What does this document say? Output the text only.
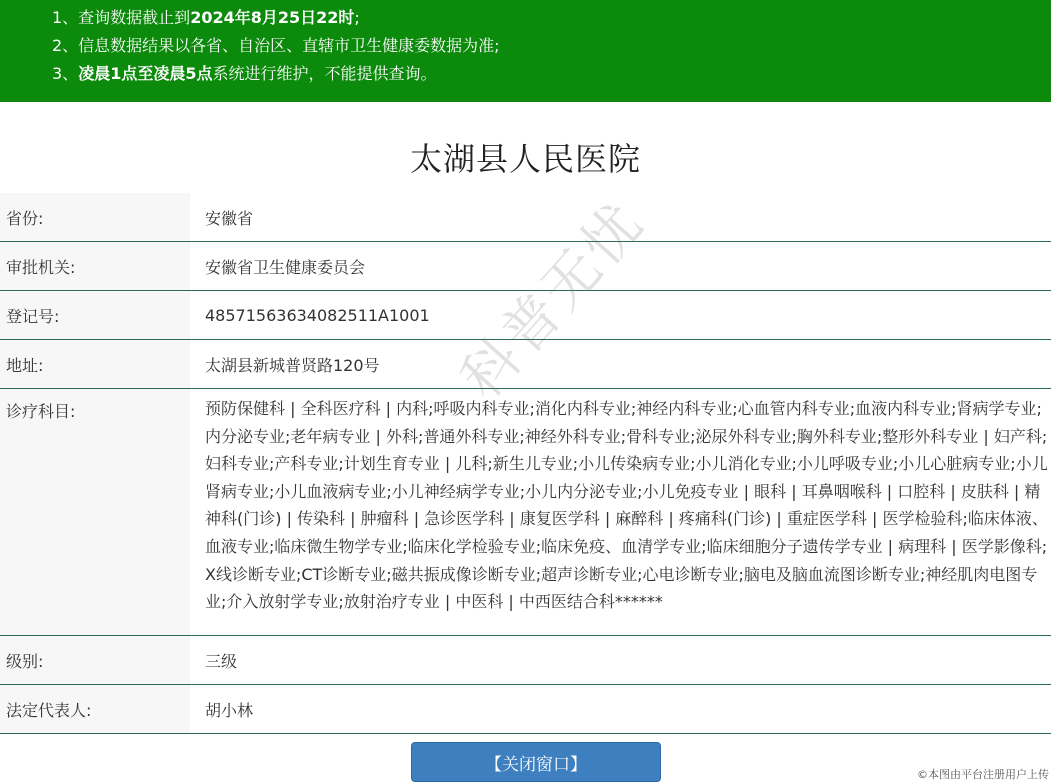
1、查询数据截止到2024年8月25日22时;
2、信息数据结果以各省、自治区、直辖市卫生健康委数据为准;
3、凌晨1点至凌晨5点系统进行维护，不能提供查询。
太湖县人民医院
省份:	安徽省
审批机关:	安徽省卫生健康委员会
登记号:	48571563634082511A1001
地址:	太湖县新城普贤路120号
诊疗科目:	预防保健科 | 全科医疗科 | 内科;呼吸内科专业;消化内科专业;神经内科专业;心血管内科专业;血液内科专业;肾病学专业;内分泌专业;老年病专业 | 外科;普通外科专业;神经外科专业;骨科专业;泌尿外科专业;胸外科专业;整形外科专业 | 妇产科;妇科专业;产科专业;计划生育专业 | 儿科;新生儿专业;小儿传染病专业;小儿消化专业;小儿呼吸专业;小儿心脏病专业;小儿肾病专业;小儿血液病专业;小儿神经病学专业;小儿内分泌专业;小儿免疫专业 | 眼科 | 耳鼻咽喉科 | 口腔科 | 皮肤科 | 精神科(门诊) | 传染科 | 肿瘤科 | 急诊医学科 | 康复医学科 | 麻醉科 | 疼痛科(门诊) | 重症医学科 | 医学检验科;临床体液、血液专业;临床微生物学专业;临床化学检验专业;临床免疫、血清学专业;临床细胞分子遗传学专业 | 病理科 | 医学影像科;X线诊断专业;CT诊断专业;磁共振成像诊断专业;超声诊断专业;心电诊断专业;脑电及脑血流图诊断专业;神经肌肉电图专业;介入放射学专业;放射治疗专业 | 中医科 | 中西医结合科******

级别:	三级
法定代表人:	胡小林
科普无忧
【关闭窗口】	©本图由平台注册用户上传
